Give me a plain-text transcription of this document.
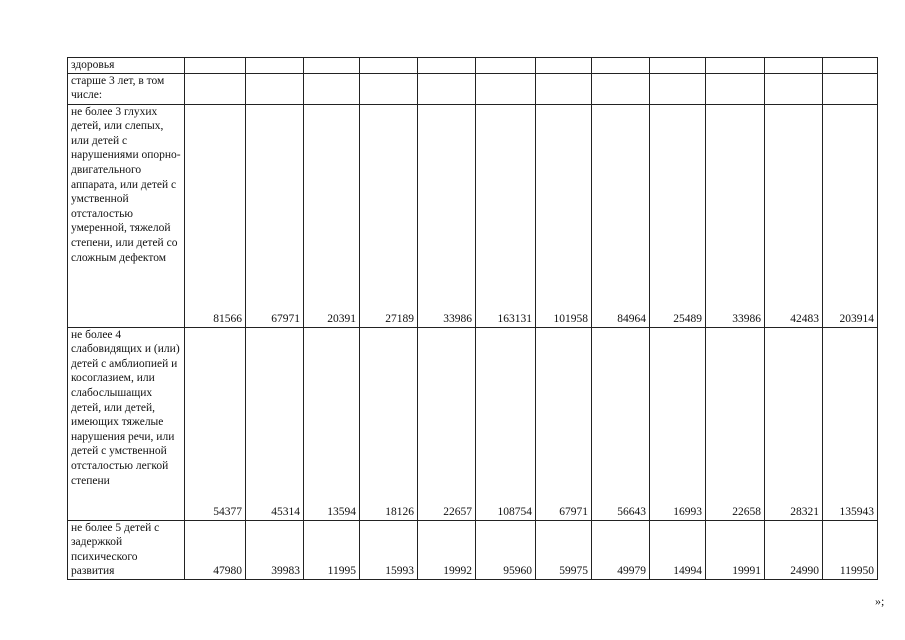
здоровья												
старше 3 лет, в том числе:												
не более 3 глухих детей, или слепых, или детей с нарушениями опорно-двигательного аппарата, или детей с умственной отсталостью умеренной, тяжелой степени, или детей со сложным дефектом	81566	67971	20391	27189	33986	163131	101958	84964	25489	33986	42483	203914
не более 4 слабовидящих и (или) детей с амблиопией и косоглазием, или слабослышащих детей, или детей, имеющих тяжелые нарушения речи, или детей с умственной отсталостью легкой степени	54377	45314	13594	18126	22657	108754	67971	56643	16993	22658	28321	135943
не более 5 детей с задержкой психического развития	47980	39983	11995	15993	19992	95960	59975	49979	14994	19991	24990	119950
»;
